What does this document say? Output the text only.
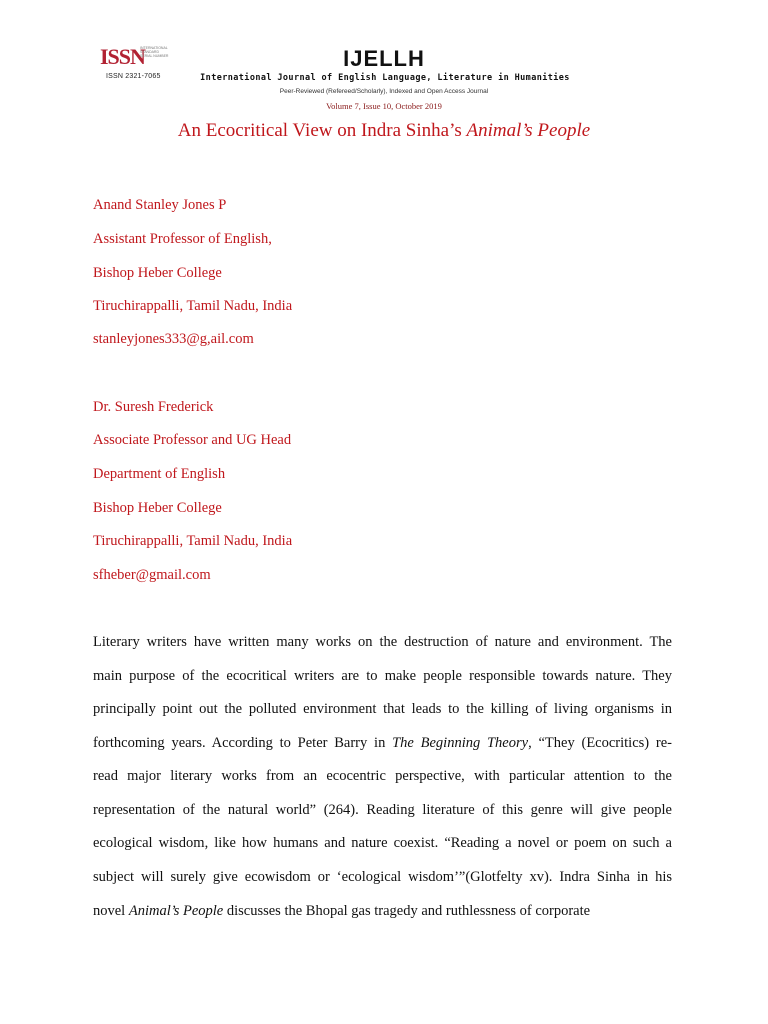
ISSN
INTERNATIONAL STANDARD SERIAL NUMBER
ISSN 2321-7065
IJELLH
International Journal of English Language, Literature in Humanities
Peer-Reviewed (Refereed/Scholarly), Indexed and Open Access Journal
Volume 7, Issue 10, October 2019
An Ecocritical View on Indra Sinha’s Animal’s People
Anand Stanley Jones P
Assistant Professor of English,
Bishop Heber College
Tiruchirappalli, Tamil Nadu, India
stanleyjones333@g,ail.com
Dr. Suresh Frederick
Associate Professor and UG Head
Department of English
Bishop Heber College
Tiruchirappalli, Tamil Nadu, India
sfheber@gmail.com
Literary writers have written many works on the destruction of nature and environment. The
main purpose of the ecocritical writers are to make people responsible towards nature. They
principally point out the polluted environment that leads to the killing of living organisms in
forthcoming years. According to Peter Barry in The Beginning Theory, “They (Ecocritics) re-
read major literary works from an ecocentric perspective, with particular attention to the
representation of the natural world” (264). Reading literature of this genre will give people
ecological wisdom, like how humans and nature coexist. “Reading a novel or poem on such a
subject will surely give ecowisdom or ‘ecological wisdom’”(Glotfelty xv). Indra Sinha in his
novel Animal’s People discusses the Bhopal gas tragedy and ruthlessness of corporate
